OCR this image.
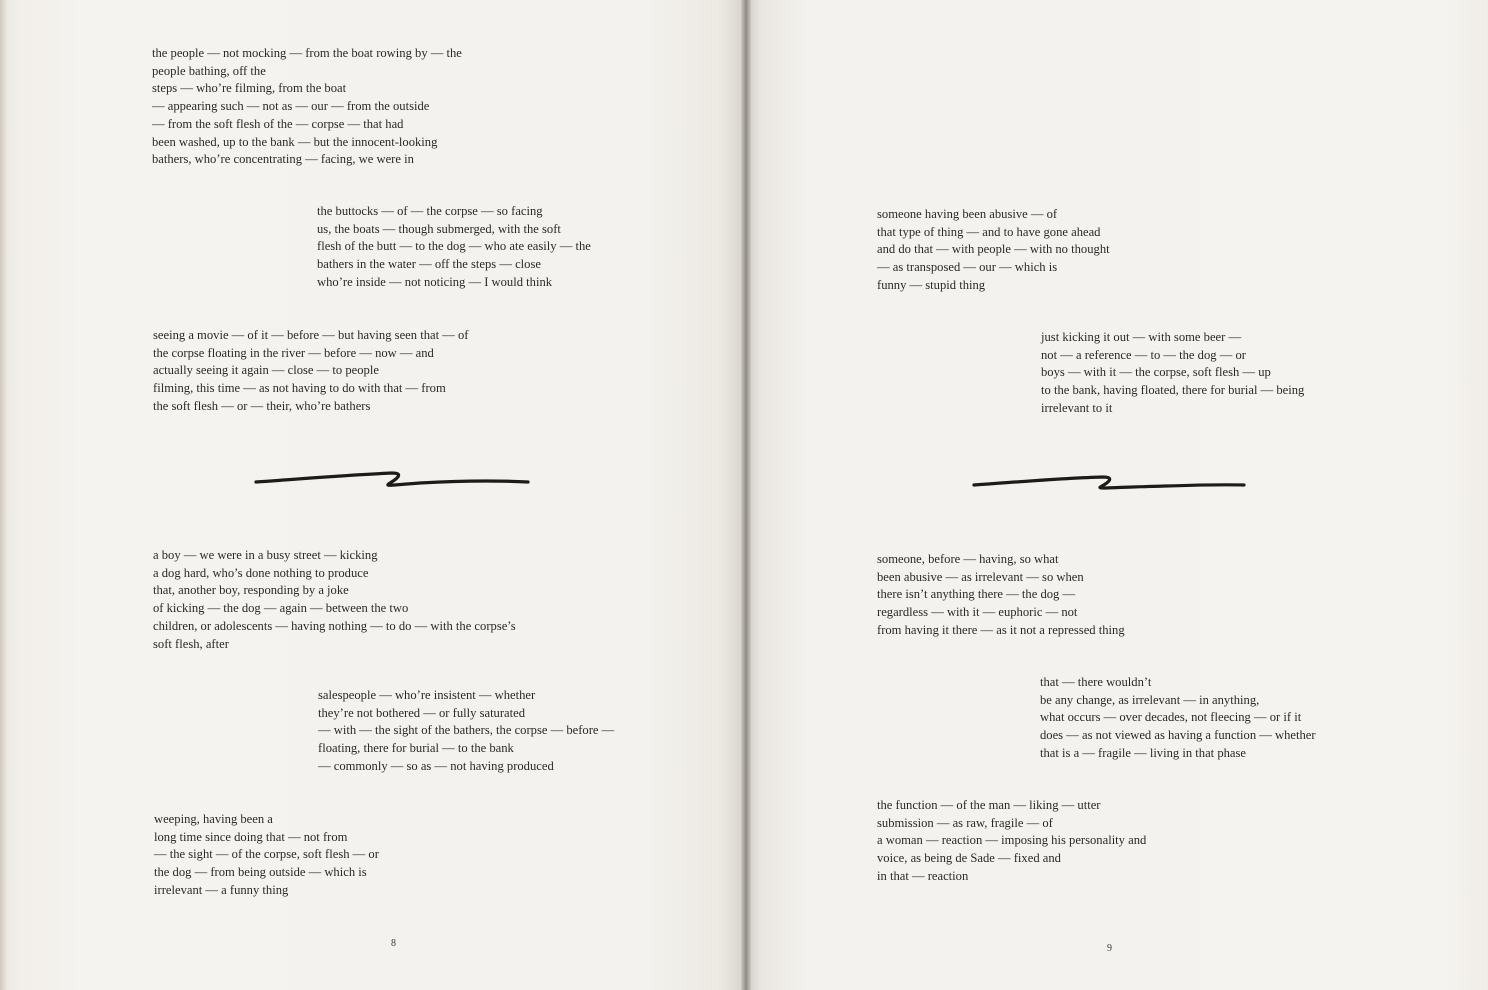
the people — not mocking — from the boat rowing by — the
people bathing, off the
steps — who’re filming, from the boat
— appearing such — not as — our — from the outside
— from the soft flesh of the — corpse — that had
been washed, up to the bank — but the innocent-looking
bathers, who’re concentrating — facing, we were in

the buttocks — of — the corpse — so facing
us, the boats — though submerged, with the soft
flesh of the butt — to the dog — who ate easily — the
bathers in the water — off the steps — close
who’re inside — not noticing — I would think

seeing a movie — of it — before — but having seen that — of
the corpse floating in the river — before — now — and
actually seeing it again — close — to people
filming, this time — as not having to do with that — from
the soft flesh — or — their, who’re bathers

a boy — we were in a busy street — kicking
a dog hard, who’s done nothing to produce
that, another boy, responding by a joke
of kicking — the dog — again — between the two
children, or adolescents — having nothing — to do — with the corpse’s
soft flesh, after

salespeople — who’re insistent — whether
they’re not bothered — or fully saturated
— with — the sight of the bathers, the corpse — before —
floating, there for burial — to the bank
— commonly — so as — not having produced

weeping, having been a
long time since doing that — not from
— the sight — of the corpse, soft flesh — or
the dog — from being outside — which is
irrelevant — a funny thing

8

someone having been abusive — of
that type of thing — and to have gone ahead
and do that — with people — with no thought
— as transposed — our — which is
funny — stupid thing

just kicking it out — with some beer —
not — a reference — to — the dog — or
boys — with it — the corpse, soft flesh — up
to the bank, having floated, there for burial — being
irrelevant to it

someone, before — having, so what
been abusive — as irrelevant — so when
there isn’t anything there — the dog —
regardless — with it — euphoric — not
from having it there — as it not a repressed thing

that — there wouldn’t
be any change, as irrelevant — in anything,
what occurs — over decades, not fleecing — or if it
does — as not viewed as having a function — whether
that is a — fragile — living in that phase

the function — of the man — liking — utter
submission — as raw, fragile — of
a woman — reaction — imposing his personality and
voice, as being de Sade — fixed and
in that — reaction

9
